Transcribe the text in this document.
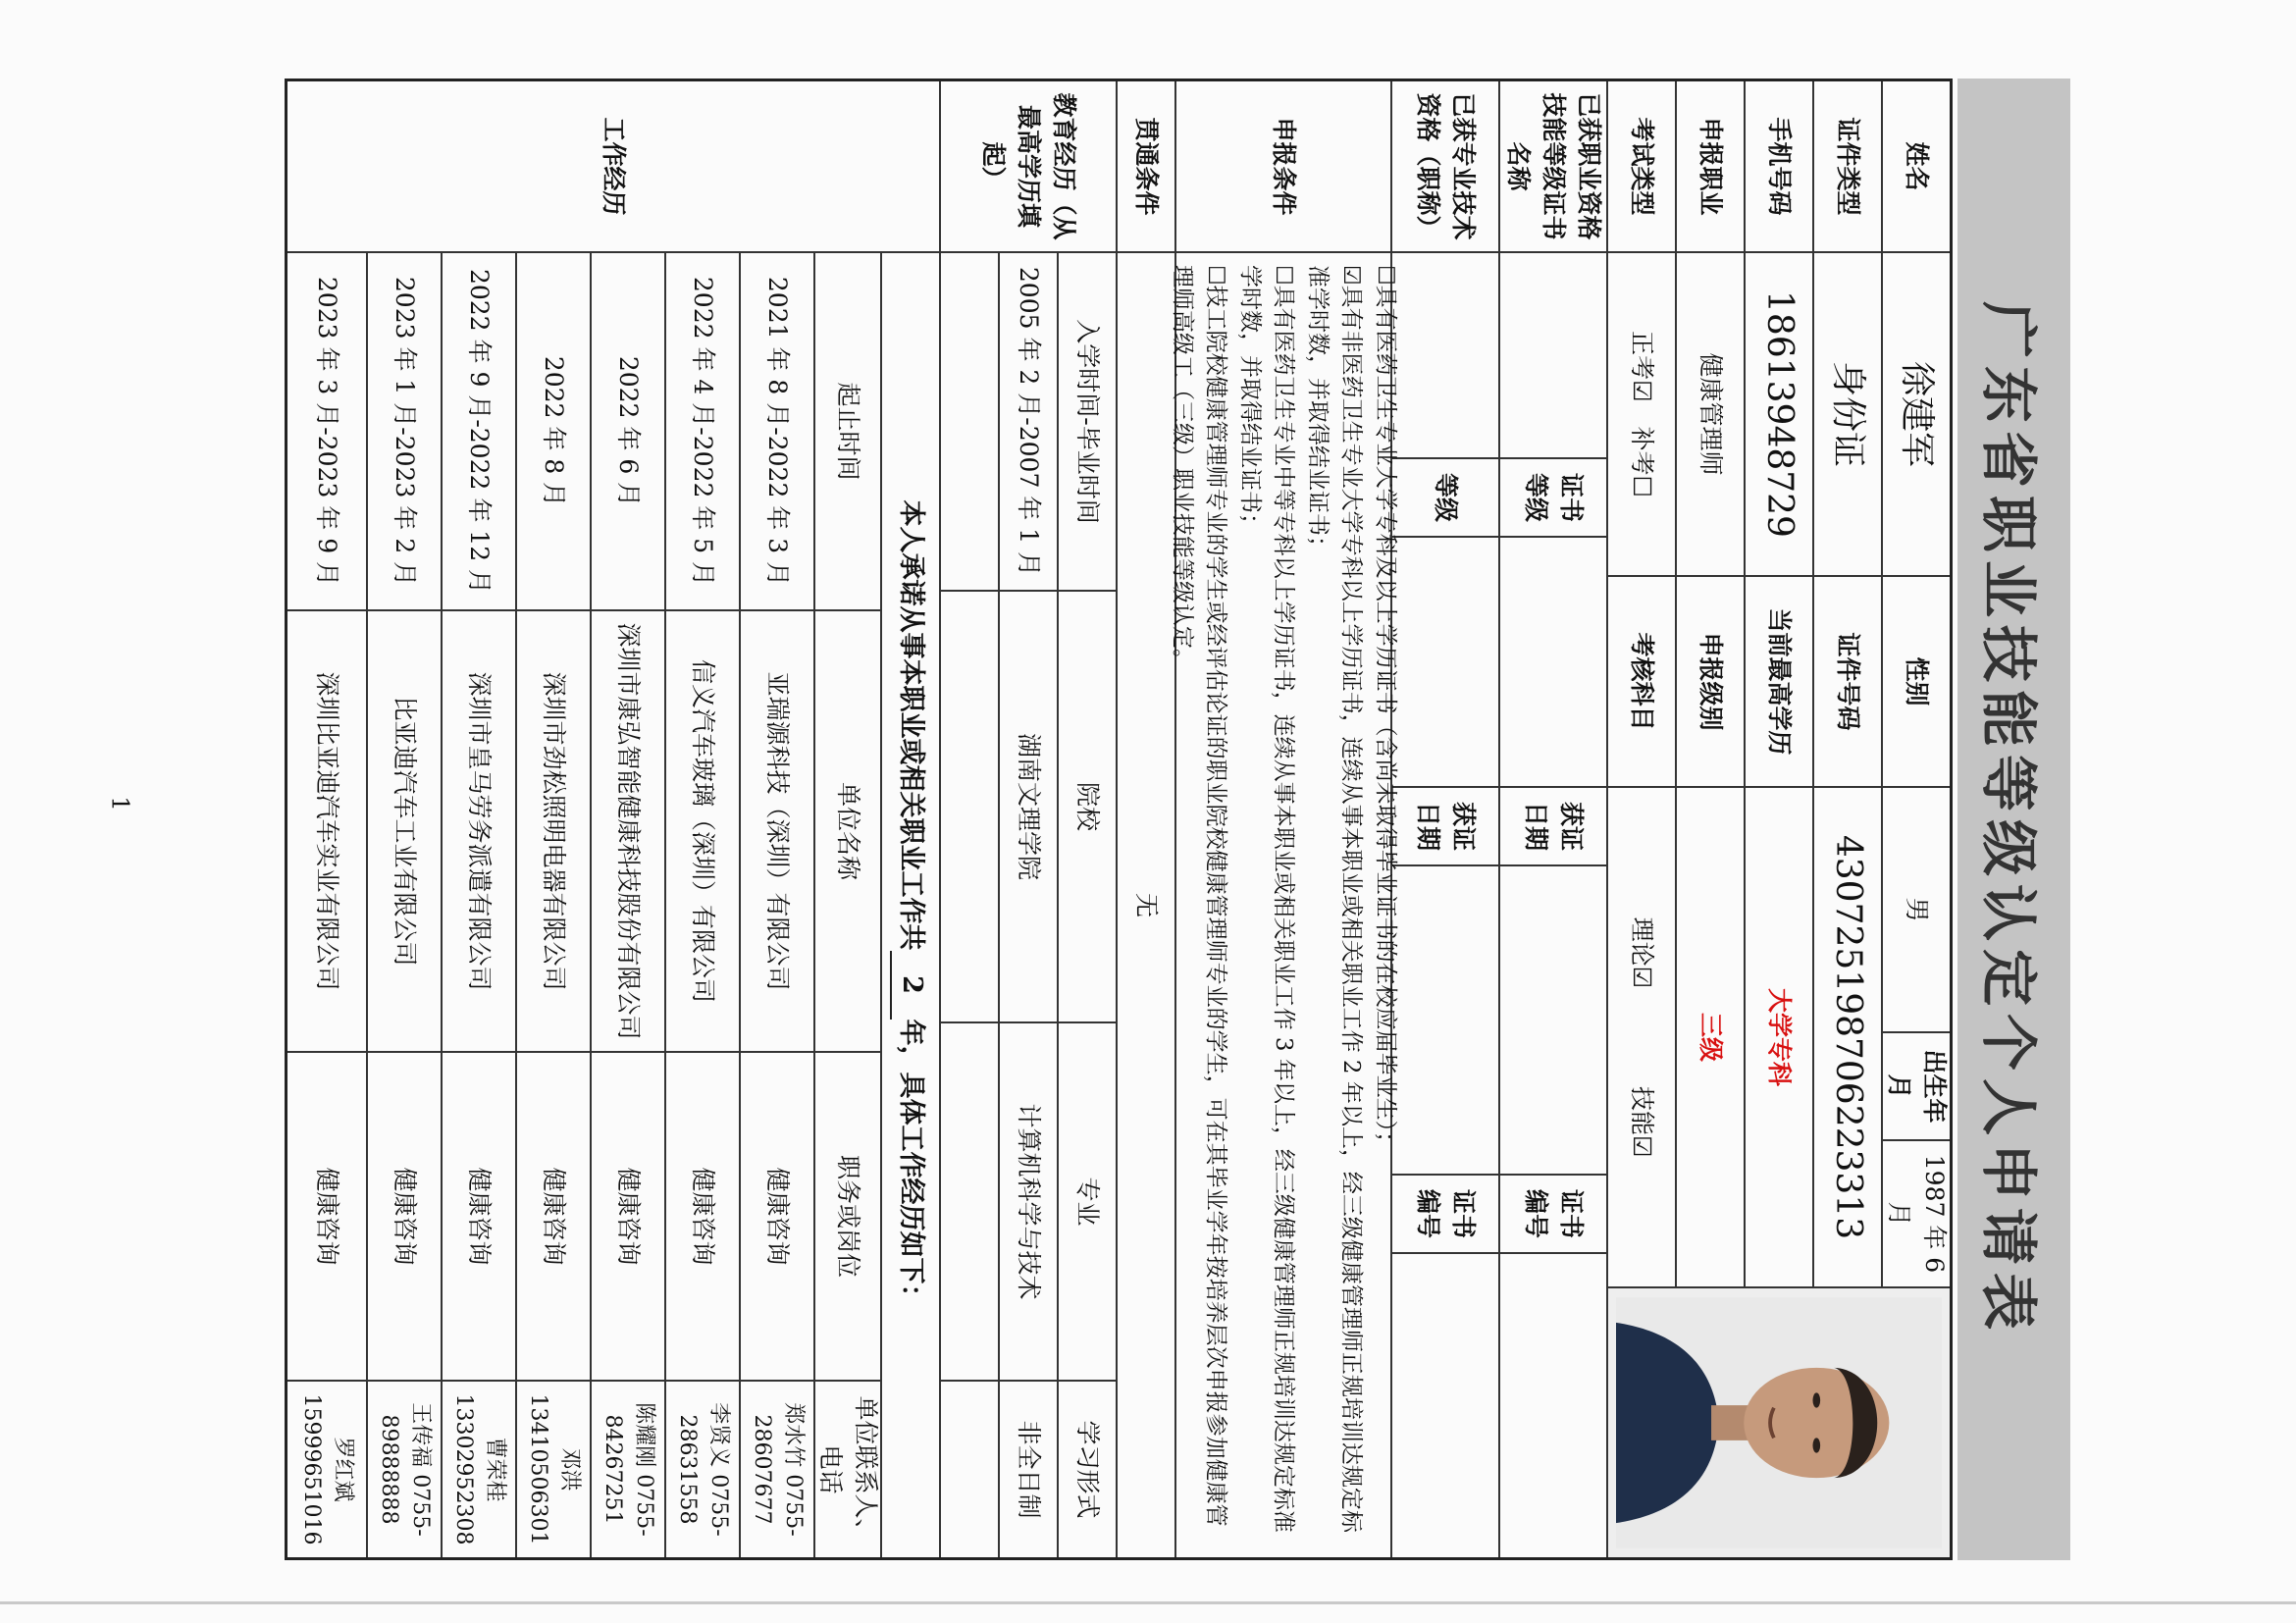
1	广东省职业技能等级认定个人申请表
姓名
徐建军
性别
男
出生年月
1987 年 6 月
证件类型
身份证
证件号码
430725198706223313
手机号码
18613948729
当前最高学历
大学专科
申报职业
健康管理师
申报级别
三级
考试类型
正考☑　补考☐
考核科目
理论☑　　　　技能☑
已获职业资格技能等级证书名称
证书等级
获证日期
证书编号
已获专业技术资格（职称）
等级
获证日期
证书编号
申报条件
☐具有医药卫生专业大学专科及以上学历证书（含尚未取得毕业证书的在校应届毕业生）；
☑具有非医药卫生专业大学专科以上学历证书，连续从事本职业或相关职业工作 2 年以上，经三级健康管理师正规培训达规定标准学时数，并取得结业证书；
☐具有医药卫生专业中等专科以上学历证书，连续从事本职业或相关职业工作 3 年以上，经三级健康管理师正规培训达规定标准学时数，并取得结业证书；
☐技工院校健康管理师专业的学生或经评估论证的职业院校健康管理师专业的学生，可在其毕业学年按培养层次申报参加健康管理师高级工（三级）职业技能等级认定。
贯通条件
无
教育经历（从最高学历填起）
入学时间-毕业时间
院校
专业
学习形式
2005 年 2 月-2007 年 1 月
湖南文理学院
计算机科学与技术
非全日制
工作经历
本人承诺从事本职业或相关职业工作共
2
年，具体工作经历如下：
起止时间
单位名称
职务或岗位
单位联系人、电话
2021 年 8 月-2022 年 3 月
亚瑞源科技（深圳）有限公司
健康咨询
郑水竹 0755-28607677
2022 年 4 月-2022 年 5 月
信义汽车玻璃（深圳）有限公司
健康咨询
李贤义 0755-28631558
2022 年 6 月
深圳市康弘智能健康科技股份有限公司
健康咨询
陈耀刚 0755-84267251
2022 年 8 月
深圳市劲松照明电器有限公司
健康咨询
邓洪 13410506301
2022 年 9 月-2022 年 12 月
深圳市皇马劳务派遣有限公司
健康咨询
曹荣桂 13302952308
2023 年 1 月-2023 年 2 月
比亚迪汽车工业有限公司
健康咨询
王传福 0755-89888888
2023 年 3 月-2023 年 9 月
深圳比亚迪汽车实业有限公司
健康咨询
罗红斌 15999651016
